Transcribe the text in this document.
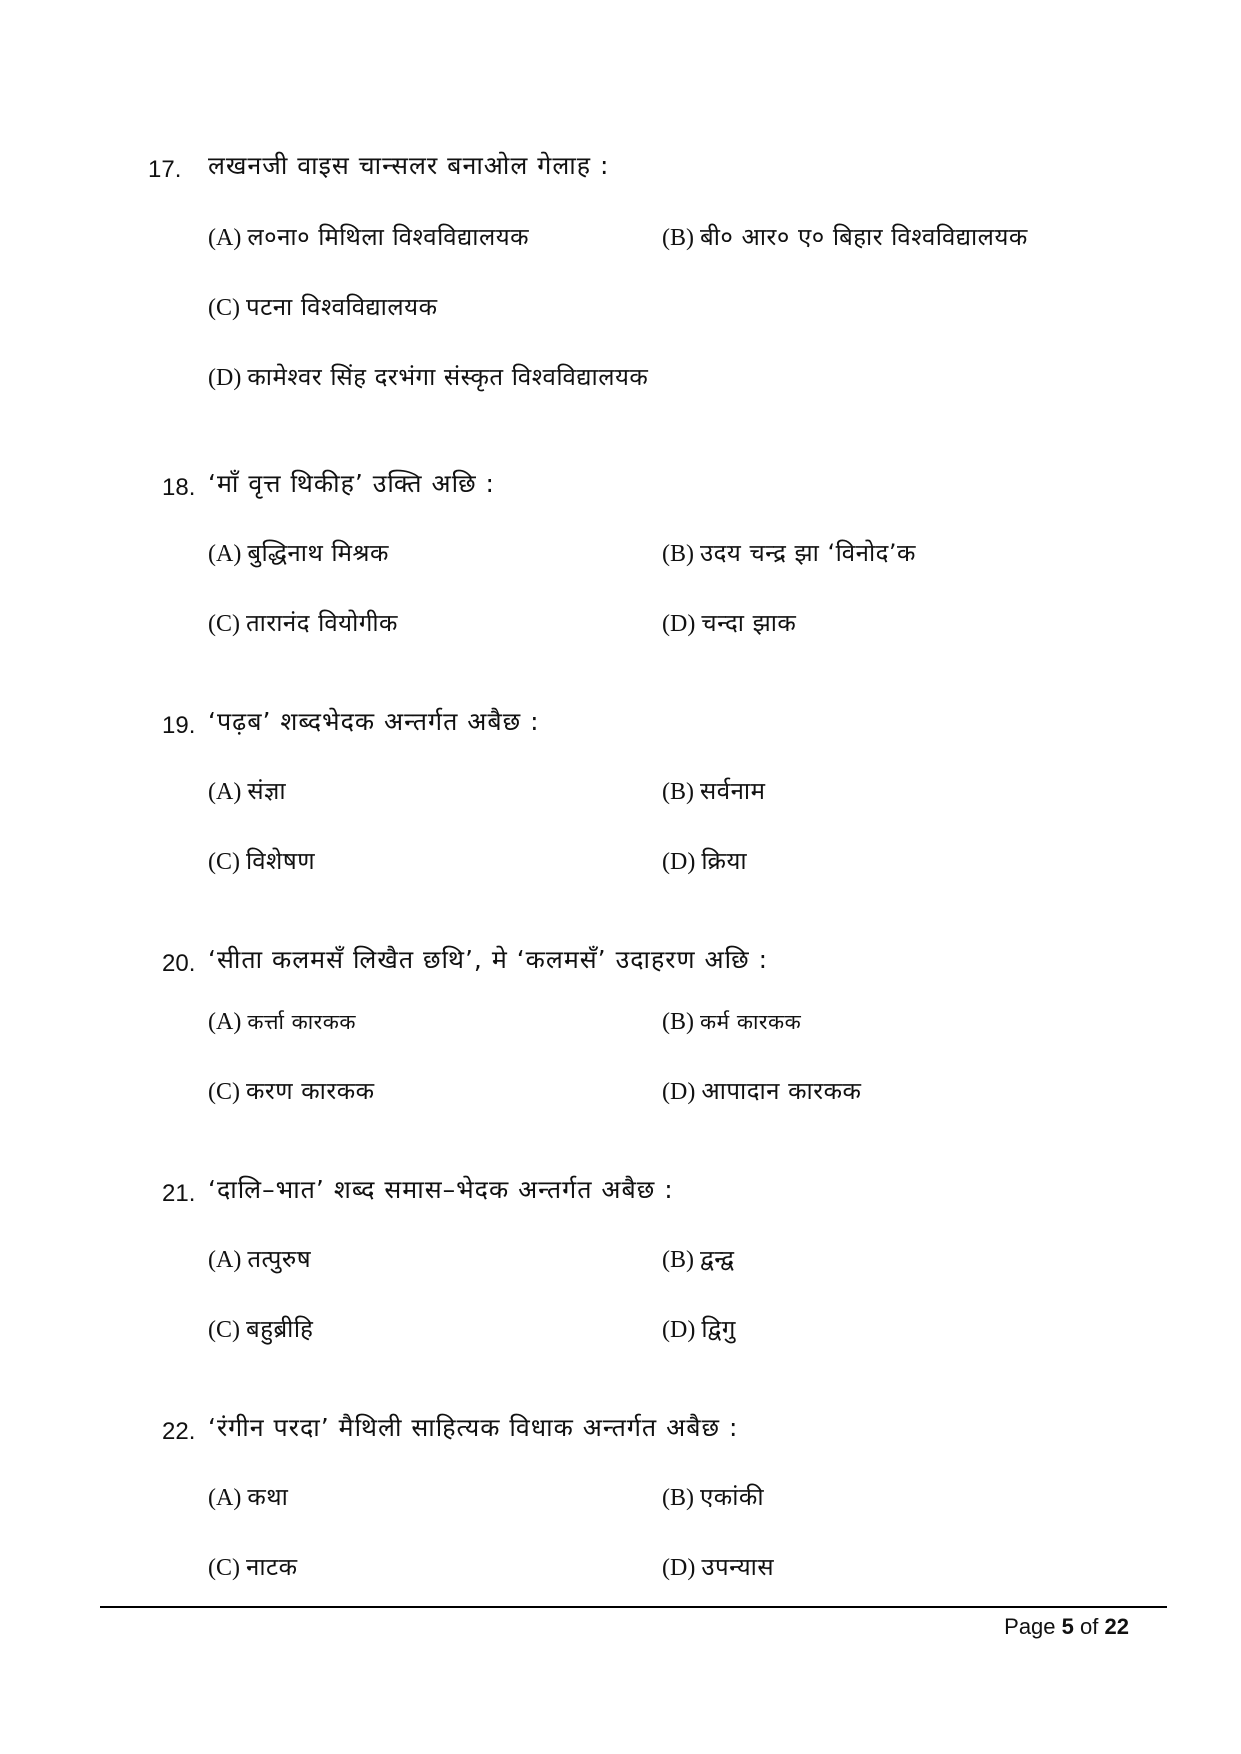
17. लखनजी वाइस चान्सलर बनाओल गेलाह :
(A) ल०ना० मिथिला विश्वविद्यालयक	(B) बी० आर० ए० बिहार विश्वविद्यालयक
(C) पटना विश्वविद्यालयक
(D) कामेश्वर सिंह दरभंगा संस्कृत विश्वविद्यालयक
18. ‘माँ वृत्त थिकीह’ उक्ति अछि :
(A) बुद्धिनाथ मिश्रक	(B) उदय चन्द्र झा ‘विनोद’क
(C) तारानंद वियोगीक	(D) चन्दा झाक
19. ‘पढ़ब’ शब्दभेदक अन्तर्गत अबैछ :
(A) संज्ञा	(B) सर्वनाम
(C) विशेषण	(D) क्रिया
20. ‘सीता कलमसँ लिखैत छथि’, मे ‘कलमसँ’ उदाहरण अछि :
(A) कर्त्ता कारकक	(B) कर्म कारकक
(C) करण कारकक	(D) आपादान कारकक
21. ‘दालि–भात’ शब्द समास–भेदक अन्तर्गत अबैछ :
(A) तत्पुरुष	(B) द्वन्द्व
(C) बहुब्रीहि	(D) द्विगु
22. ‘रंगीन परदा’ मैथिली साहित्यक विधाक अन्तर्गत अबैछ :
(A) कथा	(B) एकांकी
(C) नाटक	(D) उपन्यास
Page 5 of 22
